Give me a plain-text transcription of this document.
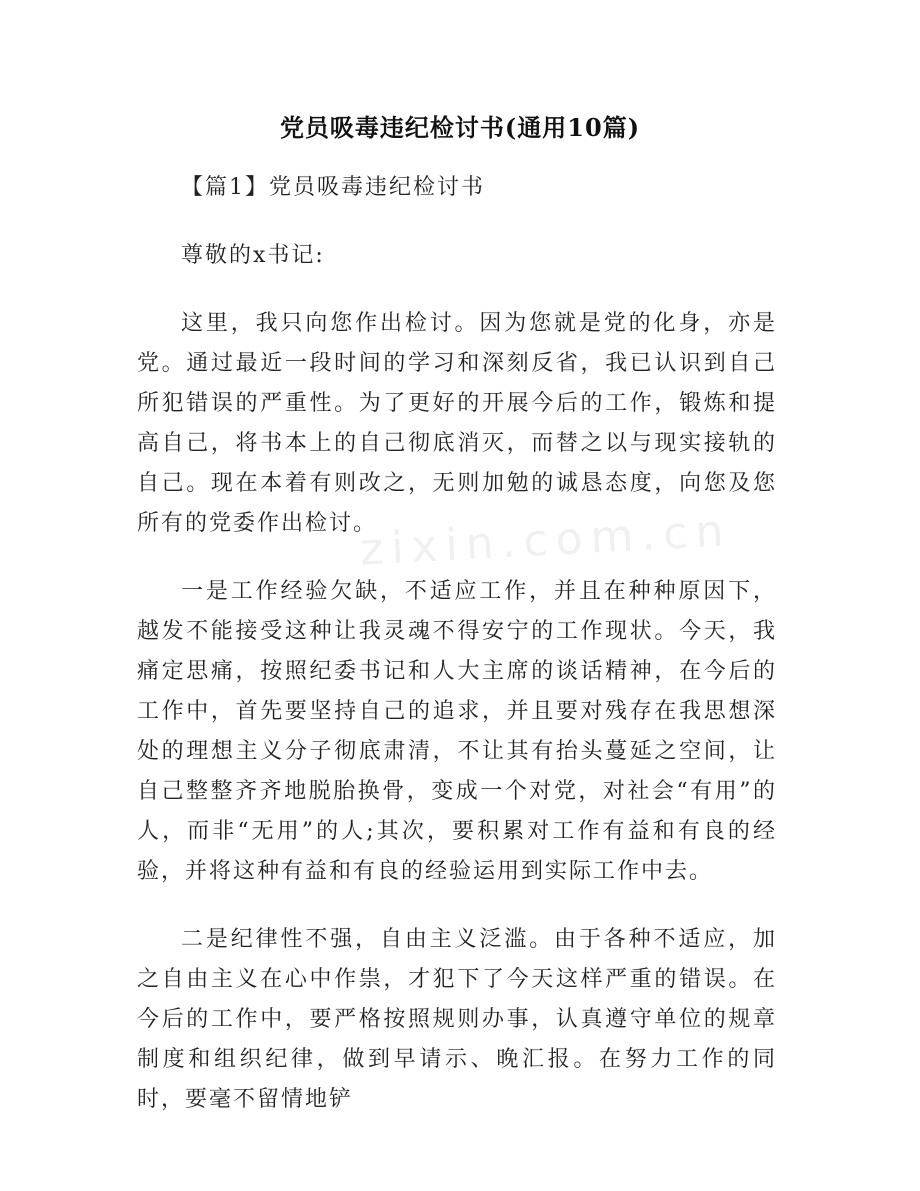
党员吸毒违纪检讨书(通用10篇)

【篇1】党员吸毒违纪检讨书

尊敬的x书记:

这里，我只向您作出检讨。因为您就是党的化身，亦是党。通过最近一段时间的学习和深刻反省，我已认识到自己所犯错误的严重性。为了更好的开展今后的工作，锻炼和提高自己，将书本上的自己彻底消灭，而替之以与现实接轨的自己。现在本着有则改之，无则加勉的诚恳态度，向您及您所有的党委作出检讨。

一是工作经验欠缺，不适应工作，并且在种种原因下，越发不能接受这种让我灵魂不得安宁的工作现状。今天，我痛定思痛，按照纪委书记和人大主席的谈话精神，在今后的工作中，首先要坚持自己的追求，并且要对残存在我思想深处的理想主义分子彻底肃清，不让其有抬头蔓延之空间，让自己整整齐齐地脱胎换骨，变成一个对党，对社会“有用”的人，而非“无用”的人;其次，要积累对工作有益和有良的经验，并将这种有益和有良的经验运用到实际工作中去。

二是纪律性不强，自由主义泛滥。由于各种不适应，加之自由主义在心中作祟，才犯下了今天这样严重的错误。在今后的工作中，要严格按照规则办事，认真遵守单位的规章制度和组织纪律，做到早请示、晚汇报。在努力工作的同时，要毫不留情地铲

zixin.com.cn
